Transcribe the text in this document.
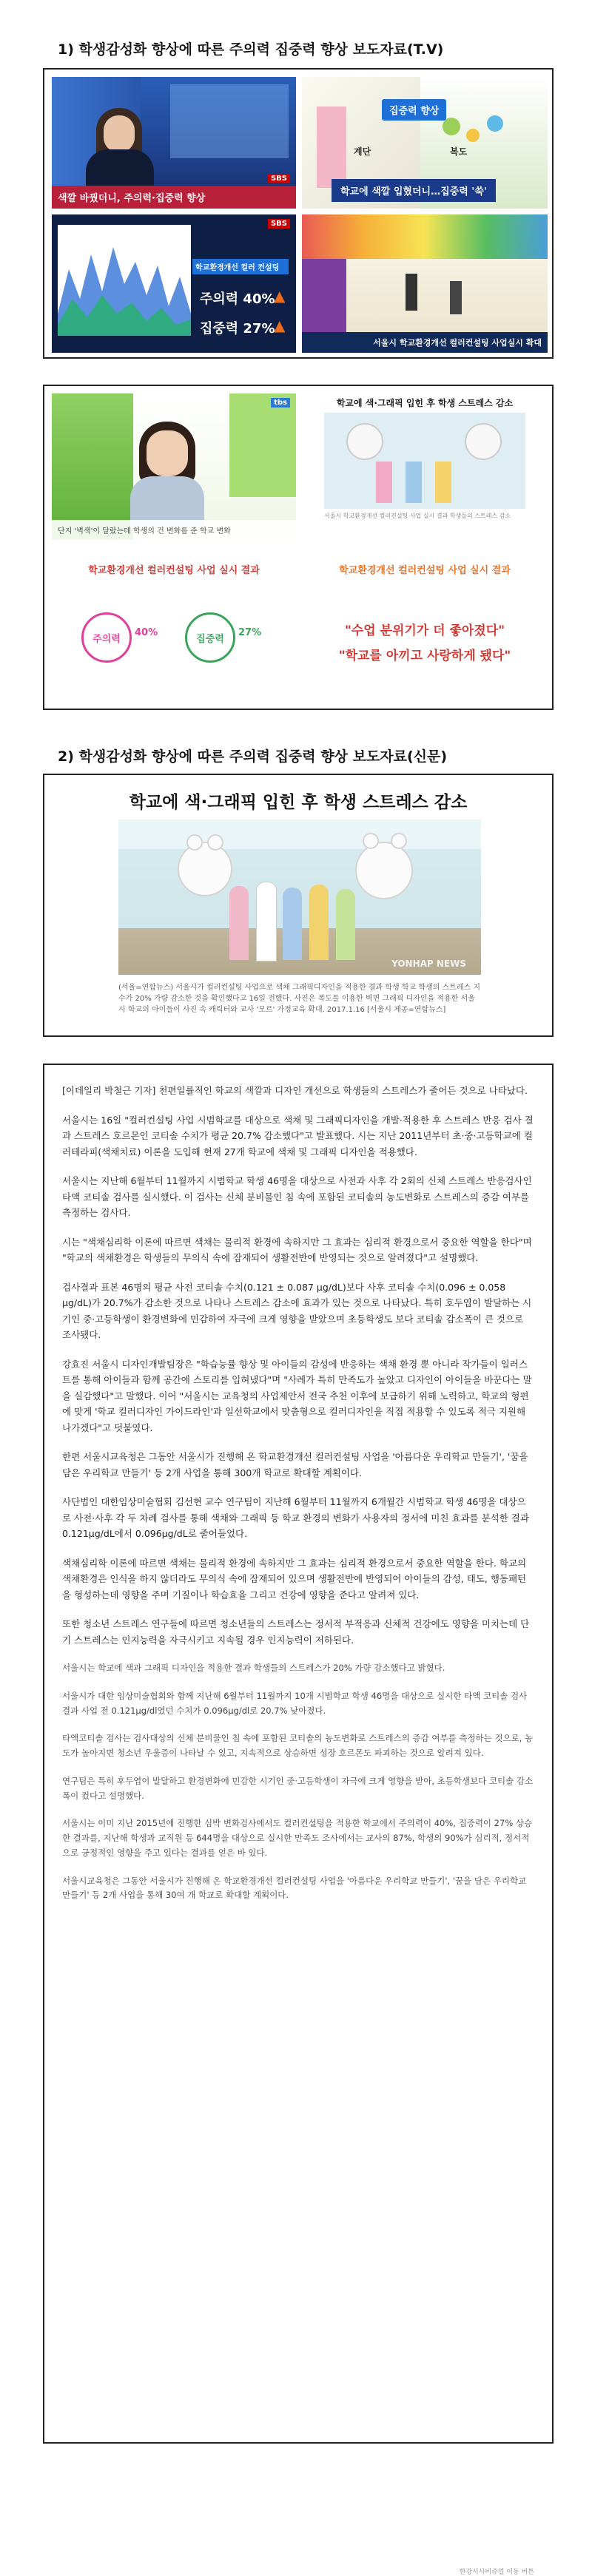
1) 학생감성화 향상에 따른 주의력 집중력 향상 보도자료(T.V)
SBS
색깔 바꿨더니, 주의력·집중력 향상
집중력 향상
계단	복도
학교에 색깔 입혔더니…집중력 '쑥'
SBS
학교환경개선 컬러 컨설팅
주의력 40%
집중력 27%
▲
▲
서울시 학교환경개선 컬러컨설팅 사업실시 확대
tbs
단지 '벽색'이 달랐는데 학생의 건 변화를 준 학교 변화
학교에 색·그래픽 입힌 후 학생 스트레스 감소
서울시 학교환경개선 컬러컨설팅 사업 실시 결과 학생들의 스트레스 감소
학교환경개선 컬러컨설팅 사업 실시 결과
주의력
40%
집중력
27%
학교환경개선 컬러컨설팅 사업 실시 결과
"수업 분위기가 더 좋아졌다"
"학교를 아끼고 사랑하게 됐다"
2) 학생감성화 향상에 따른 주의력 집중력 향상 보도자료(신문)
학교에 색·그래픽 입힌 후 학생 스트레스 감소
YONHAP NEWS
(서울=연합뉴스) 서울시가 컬러컨설팅 사업으로 색채 그래픽디자인을 적용한 결과 학생 학교 학생의 스트레스 지수가 20% 가량 감소한 것을 확인했다고 16일 전했다. 사진은 복도를 이용한 벽면 그래픽 디자인을 적용한 서울시 학교의 아이들이 사진 속 캐릭터와 교사 '모르' 가정교육 확대. 2017.1.16 [서울시 제공=연합뉴스]

[이데일리 박철근 기자] 천편일률적인 학교의 색깔과 디자인 개선으로 학생들의 스트레스가 줄어든 것으로 나타났다.

서울시는 16일 "컬러컨설팅 사업 시범학교를 대상으로 색채 및 그래픽디자인을 개발·적용한 후 스트레스 반응 검사 결과 스트레스 호르몬인 코티솔 수치가 평균 20.7% 감소했다"고 발표했다. 시는 지난 2011년부터 초·중·고등학교에 컬러테라피(색채치료) 이론을 도입해 현재 27개 학교에 색채 및 그래픽 디자인을 적용했다.

서울시는 지난해 6월부터 11월까지 시범학교 학생 46명을 대상으로 사전과 사후 각 2회의 신체 스트레스 반응검사인 타액 코티솔 검사를 실시했다. 이 검사는 신체 분비물인 침 속에 포함된 코티솔의 농도변화로 스트레스의 증감 여부를 측정하는 검사다.

시는 "색채심리학 이론에 따르면 색채는 물리적 환경에 속하지만 그 효과는 심리적 환경으로서 중요한 역할을 한다"며 "학교의 색채환경은 학생들의 무의식 속에 잠재되어 생활전반에 반영되는 것으로 알려졌다"고 설명했다.

검사결과 표본 46명의 평균 사전 코티솔 수치(0.121 ± 0.087 μg/dL)보다 사후 코티솔 수치(0.096 ± 0.058 μg/dL)가 20.7%가 감소한 것으로 나타나 스트레스 감소에 효과가 있는 것으로 나타났다. 특히 호두엽이 발달하는 시기인 중·고등학생이 환경변화에 민감하여 자극에 크게 영향을 받았으며 초등학생도 보다 코티솔 감소폭이 큰 것으로 조사됐다.

강효진 서울시 디자인개발팀장은 "학습능률 향상 및 아이들의 감성에 반응하는 색채 환경 뿐 아니라 작가들이 일러스트를 통해 아이들과 함께 공간에 스토리를 입혀냈다"며 "사례가 특히 만족도가 높았고 디자인이 아이들을 바꾼다는 말을 실감했다"고 말했다. 이어 "서울시는 교육청의 사업제안서 전국 추천 이후에 보급하기 위해 노력하고, 학교의 형편에 맞게 '학교 컬러디자인 가이드라인'과 일선학교에서 맞춤형으로 컬러디자인을 직접 적용할 수 있도록 적극 지원해 나가겠다"고 덧붙였다.

한편 서울시교육청은 그동안 서울시가 진행해 온 학교환경개선 컬러컨설팅 사업을 '아름다운 우리학교 만들기', '꿈을 담은 우리학교 만들기' 등 2개 사업을 통해 300개 학교로 확대할 계획이다.

사단법인 대한임상미술협회 김선현 교수 연구팀이 지난해 6월부터 11월까지 6개월간 시범학교 학생 46명을 대상으로 사전·사후 각 두 차례 검사를 통해 색채와 그래픽 등 학교 환경의 변화가 사용자의 정서에 미친 효과를 분석한 결과 0.121μg/dL에서 0.096μg/dL로 줄어들었다.

색채심리학 이론에 따르면 색채는 물리적 환경에 속하지만 그 효과는 심리적 환경으로서 중요한 역할을 한다. 학교의 색채환경은 인식을 하지 않더라도 무의식 속에 잠재되어 있으며 생활전반에 반영되어 아이들의 감성, 태도, 행동패턴을 형성하는데 영향을 주며 기질이나 학습효율 그리고 건강에 영향을 준다고 알려져 있다.

또한 청소년 스트레스 연구들에 따르면 청소년들의 스트레스는 정서적 부적응과 신체적 건강에도 영향을 미치는데 단기 스트레스는 인지능력을 자극시키고 지속될 경우 인지능력이 저하된다.

서울시는 학교에 색과 그래픽 디자인을 적용한 결과 학생들의 스트레스가 20% 가량 감소했다고 밝혔다.

서울시가 대한 임상미술협회와 함께 지난해 6월부터 11월까지 10개 시범학교 학생 46명을 대상으로 실시한 타액 코티솔 검사 결과 사업 전 0.121μg/dl였던 수치가 0.096μg/dl로 20.7% 낮아졌다.

타액코티솔 검사는 검사대상의 신체 분비물인 침 속에 포함된 코티솔의 농도변화로 스트레스의 증감 여부를 측정하는 것으로, 농도가 높아지면 청소년 우울증이 나타날 수 있고, 지속적으로 상승하면 성장 호르몬도 파괴하는 것으로 알려져 있다.

연구팀은 특히 후두엽이 발달하고 환경변화에 민감한 시기인 중·고등학생이 자극에 크게 영향을 받아, 초등학생보다 코티솔 감소 폭이 컸다고 설명했다.

서울시는 이미 지난 2015년에 진행한 심박 변화검사에서도 컬러컨설팅을 적용한 학교에서 주의력이 40%, 집중력이 27% 상승한 결과를, 지난해 학생과 교직원 등 644명을 대상으로 실시한 만족도 조사에서는 교사의 87%, 학생의 90%가 심리적, 정서적으로 긍정적인 영향을 주고 있다는 결과를 얻은 바 있다.

서울시교육청은 그동안 서울시가 진행해 온 학교환경개선 컬러컨설팅 사업을 '아름다운 우리학교 만들기', '꿈을 담은 우리학교 만들기' 등 2개 사업을 통해 30여 개 학교로 확대할 계획이다.

한강시사비쥬얼 이동 버튼
